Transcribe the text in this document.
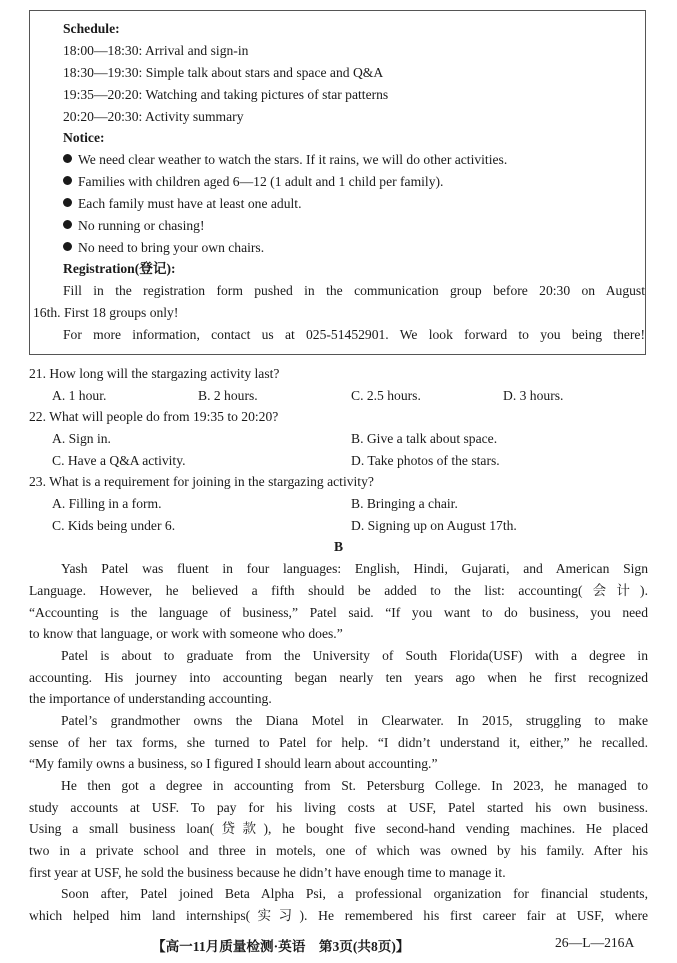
Schedule:
18:00—18:30: Arrival and sign-in
18:30—19:30: Simple talk about stars and space and Q&A
19:35—20:20: Watching and taking pictures of star patterns
20:20—20:30: Activity summary
Notice:
We need clear weather to watch the stars. If it rains, we will do other activities.
Families with children aged 6—12 (1 adult and 1 child per family).
Each family must have at least one adult.
No running or chasing!
No need to bring your own chairs.
Registration(登记):
Fill in the registration form pushed in the communication group before 20:30 on August
16th. First 18 groups only!
For more information, contact us at 025-51452901. We look forward to you being there!
21. How long will the stargazing activity last?
A. 1 hour.	B. 2 hours.	C. 2.5 hours.	D. 3 hours.
22. What will people do from 19:35 to 20:20?
A. Sign in.	B. Give a talk about space.
C. Have a Q&A activity.	D. Take photos of the stars.
23. What is a requirement for joining in the stargazing activity?
A. Filling in a form.	B. Bringing a chair.
C. Kids being under 6.	D. Signing up on August 17th.
B
Yash Patel was fluent in four languages: English, Hindi, Gujarati, and American Sign
Language. However, he believed a fifth should be added to the list: accounting(会计).
“Accounting is the language of business,” Patel said. “If you want to do business, you need
to know that language, or work with someone who does.”
Patel is about to graduate from the University of South Florida(USF) with a degree in
accounting. His journey into accounting began nearly ten years ago when he first recognized
the importance of understanding accounting.
Patel’s grandmother owns the Diana Motel in Clearwater. In 2015, struggling to make
sense of her tax forms, she turned to Patel for help. “I didn’t understand it, either,” he recalled.
“My family owns a business, so I figured I should learn about accounting.”
He then got a degree in accounting from St. Petersburg College. In 2023, he managed to
study accounts at USF. To pay for his living costs at USF, Patel started his own business.
Using a small business loan(贷款), he bought five second-hand vending machines. He placed
two in a private school and three in motels, one of which was owned by his family. After his
first year at USF, he sold the business because he didn’t have enough time to manage it.
Soon after, Patel joined Beta Alpha Psi, a professional organization for financial students,
which helped him land internships(实习). He remembered his first career fair at USF, where
【高一11月质量检测·英语　第3页(共8页)】	26—L—216A
